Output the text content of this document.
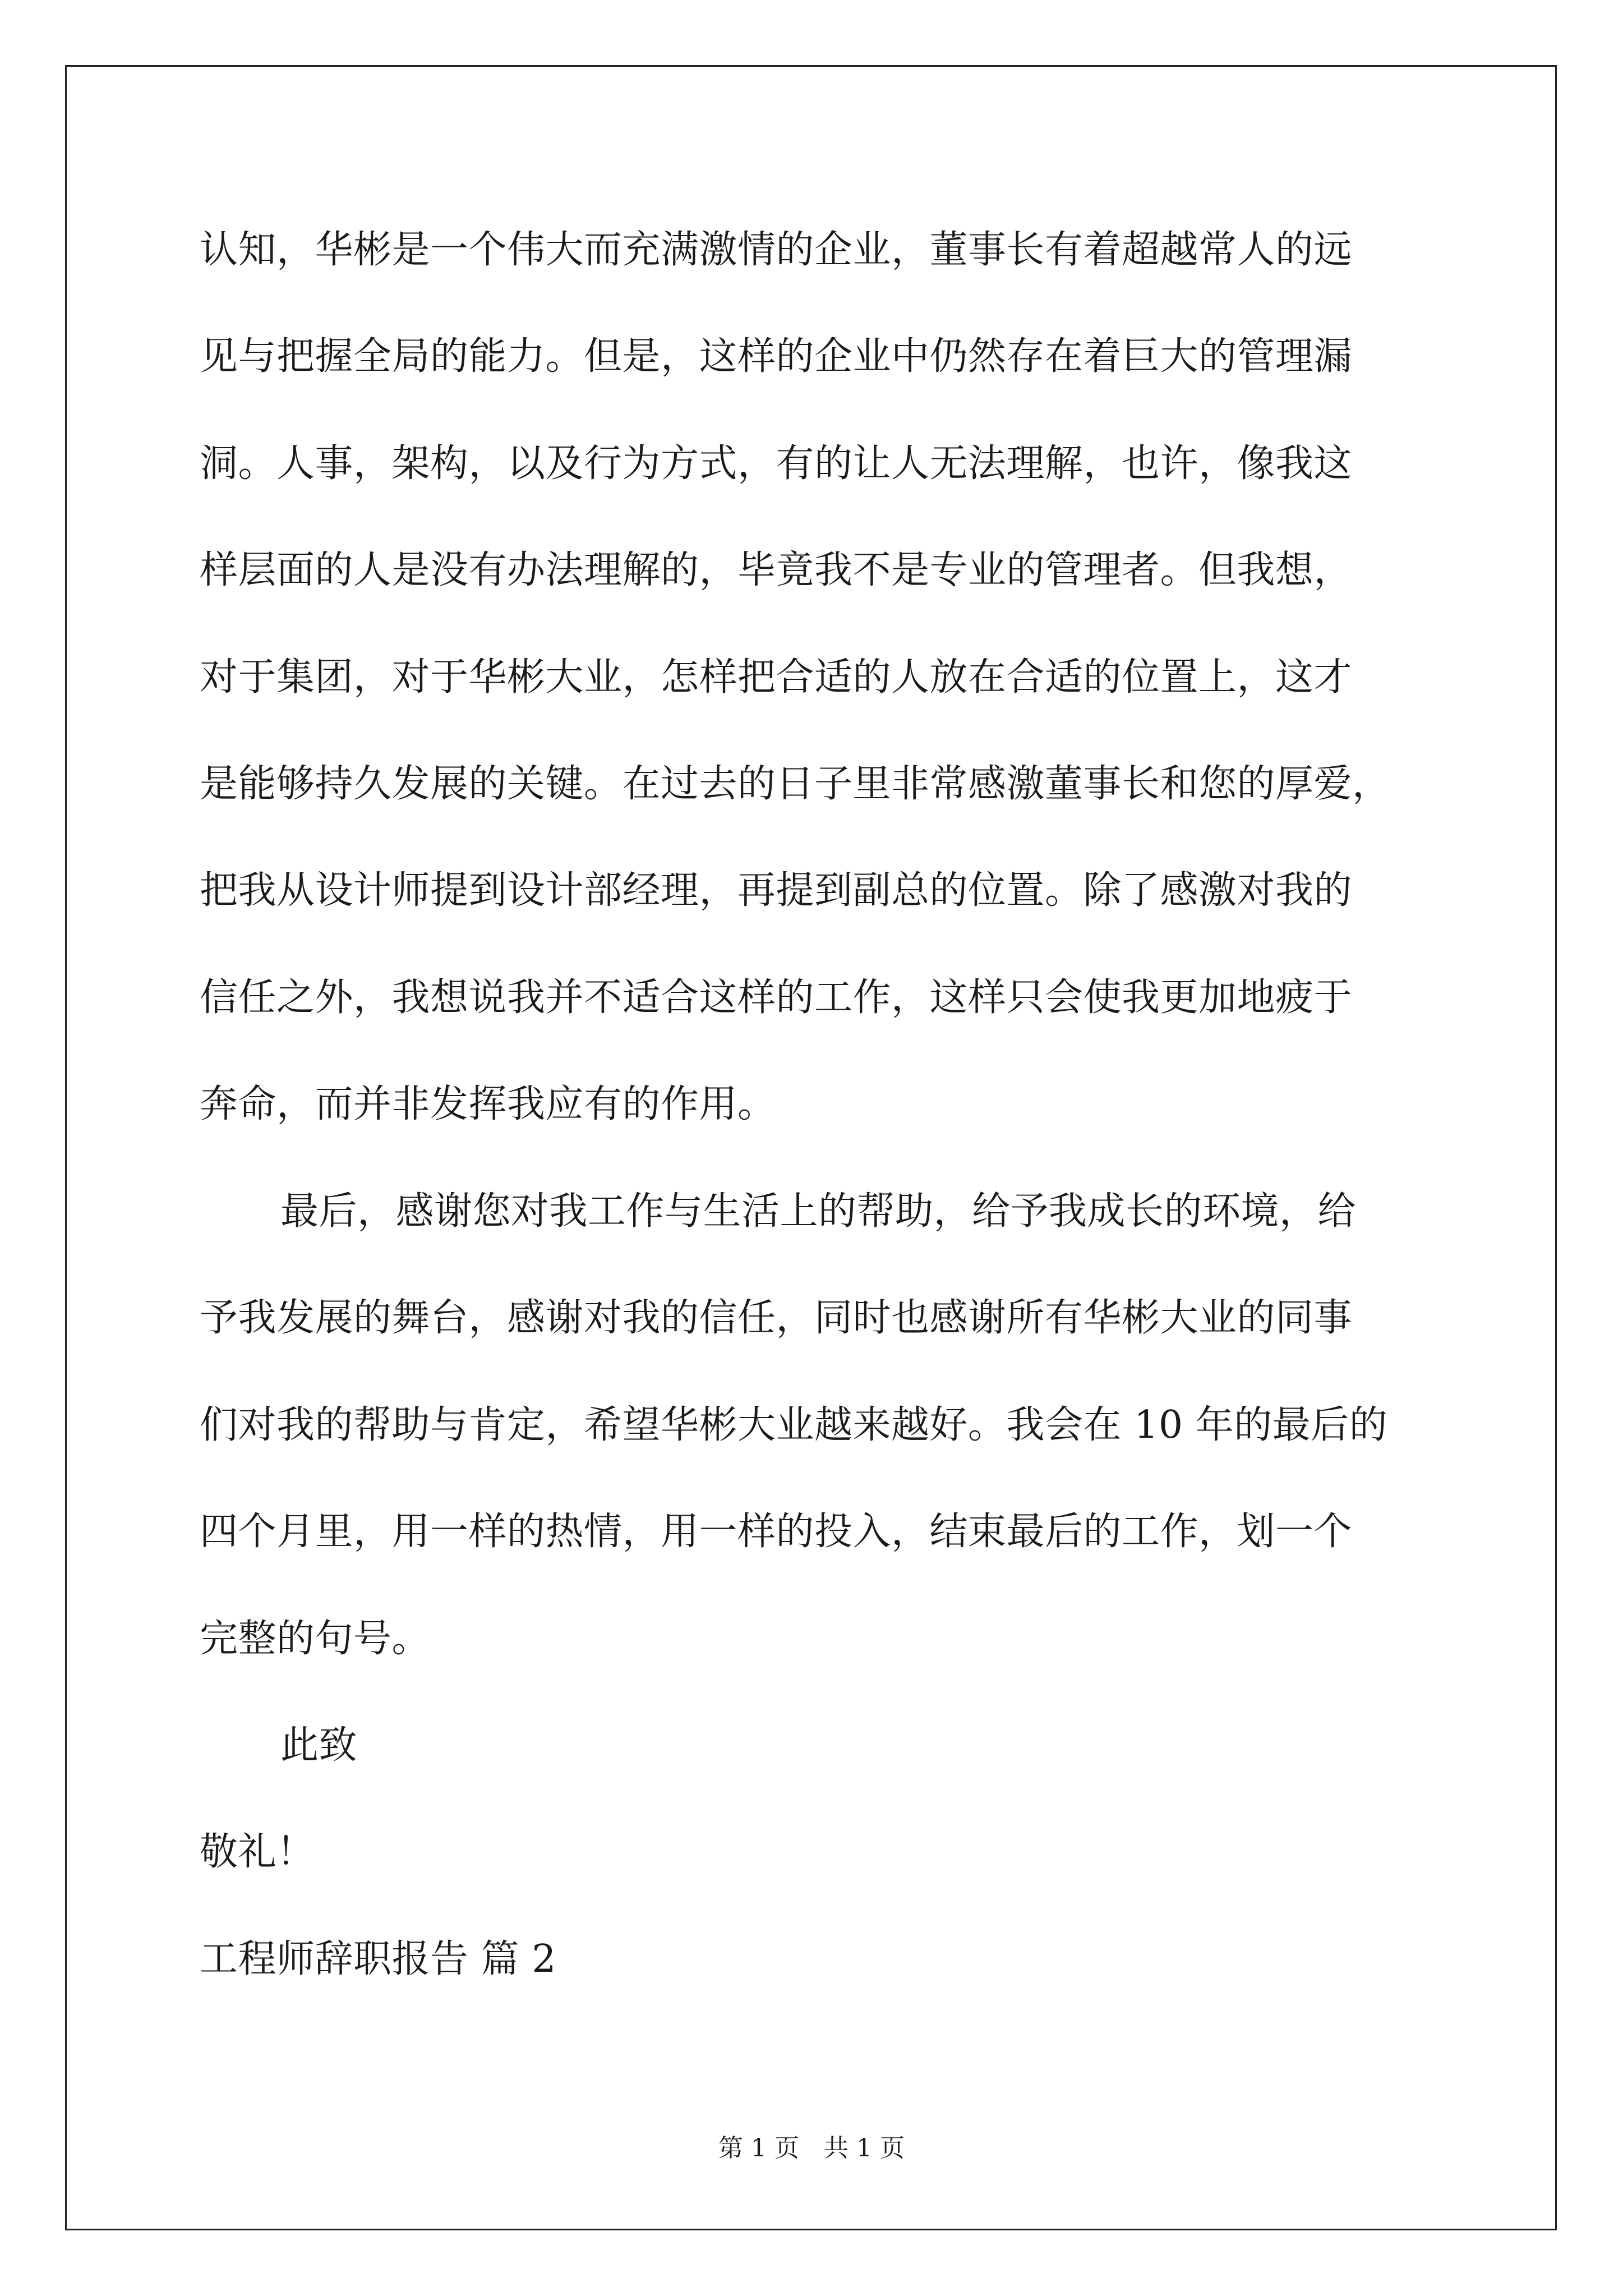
认知，华彬是一个伟大而充满激情的企业，董事长有着超越常人的远
见与把握全局的能力。但是，这样的企业中仍然存在着巨大的管理漏
洞。人事，架构，以及行为方式，有的让人无法理解，也许，像我这
样层面的人是没有办法理解的，毕竟我不是专业的管理者。但我想，
对于集团，对于华彬大业，怎样把合适的人放在合适的位置上，这才
是能够持久发展的关键。在过去的日子里非常感激董事长和您的厚爱，
把我从设计师提到设计部经理，再提到副总的位置。除了感激对我的
信任之外，我想说我并不适合这样的工作，这样只会使我更加地疲于
奔命，而并非发挥我应有的作用。
最后，感谢您对我工作与生活上的帮助，给予我成长的环境，给
予我发展的舞台，感谢对我的信任，同时也感谢所有华彬大业的同事
们对我的帮助与肯定，希望华彬大业越来越好。我会在 10 年的最后的
四个月里，用一样的热情，用一样的投入，结束最后的工作，划一个
完整的句号。
此致
敬礼！
工程师辞职报告 篇 2
第 1 页　共 1 页
